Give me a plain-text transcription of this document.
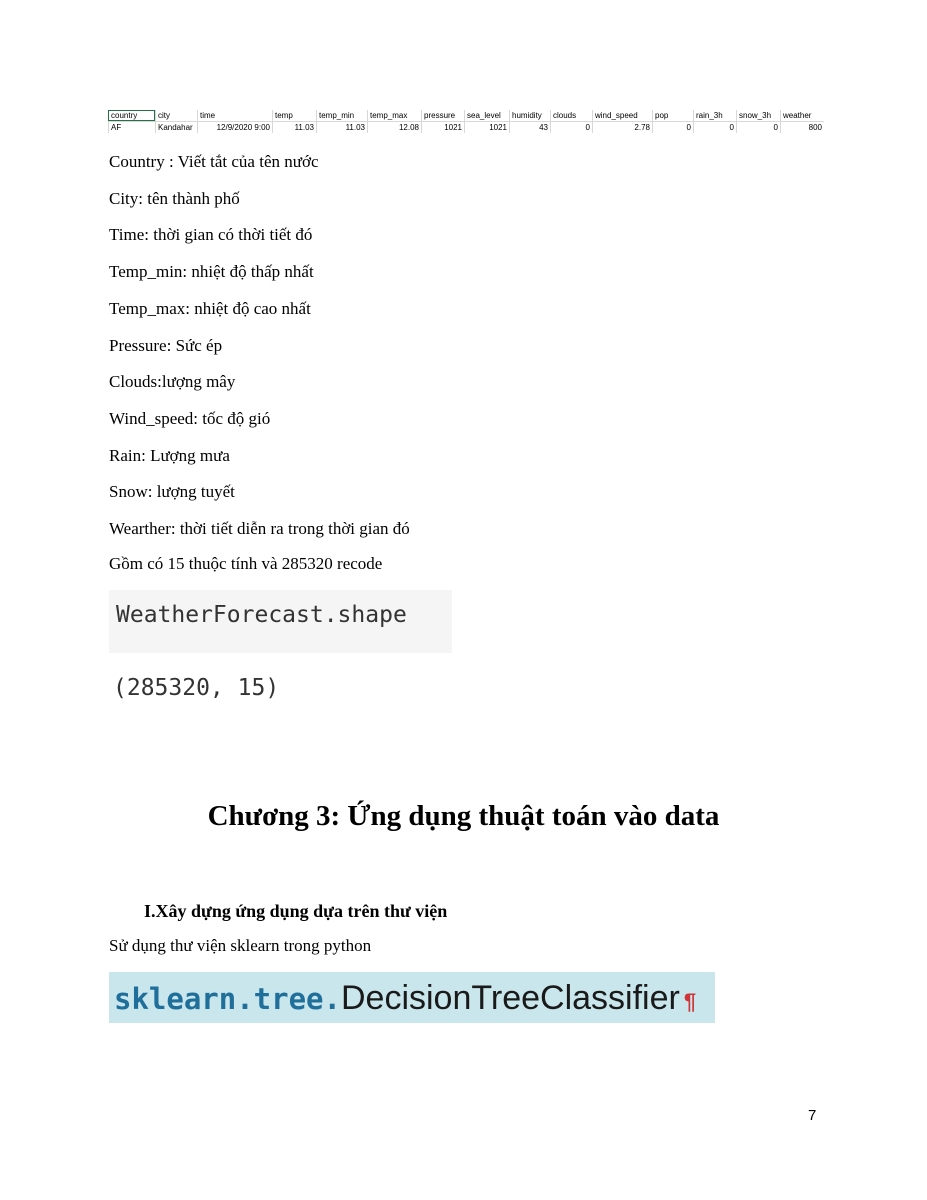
country	city	time	temp	temp_min	temp_max	pressure	sea_level	humidity	clouds	wind_speed	pop	rain_3h	snow_3h	weather
AF	Kandahar	12/9/2020 9:00	11.03	11.03	12.08	1021	1021	43	0	2.78	0	0	0	800
Country : Viết tắt của tên nước
City: tên thành phố
Time: thời gian có thời tiết đó
Temp_min: nhiệt độ thấp nhất
Temp_max: nhiệt độ cao nhất
Pressure: Sức ép
Clouds:lượng mây
Wind_speed: tốc độ gió
Rain: Lượng mưa
Snow: lượng tuyết
Wearther: thời tiết diễn ra trong thời gian đó
Gồm có 15 thuộc tính và 285320 recode
WeatherForecast.shape
(285320, 15)
Chương 3: Ứng dụng thuật toán vào data
I.Xây dựng ứng dụng dựa trên thư viện
Sử dụng thư viện sklearn trong python
sklearn.tree.DecisionTreeClassifier ¶
7
